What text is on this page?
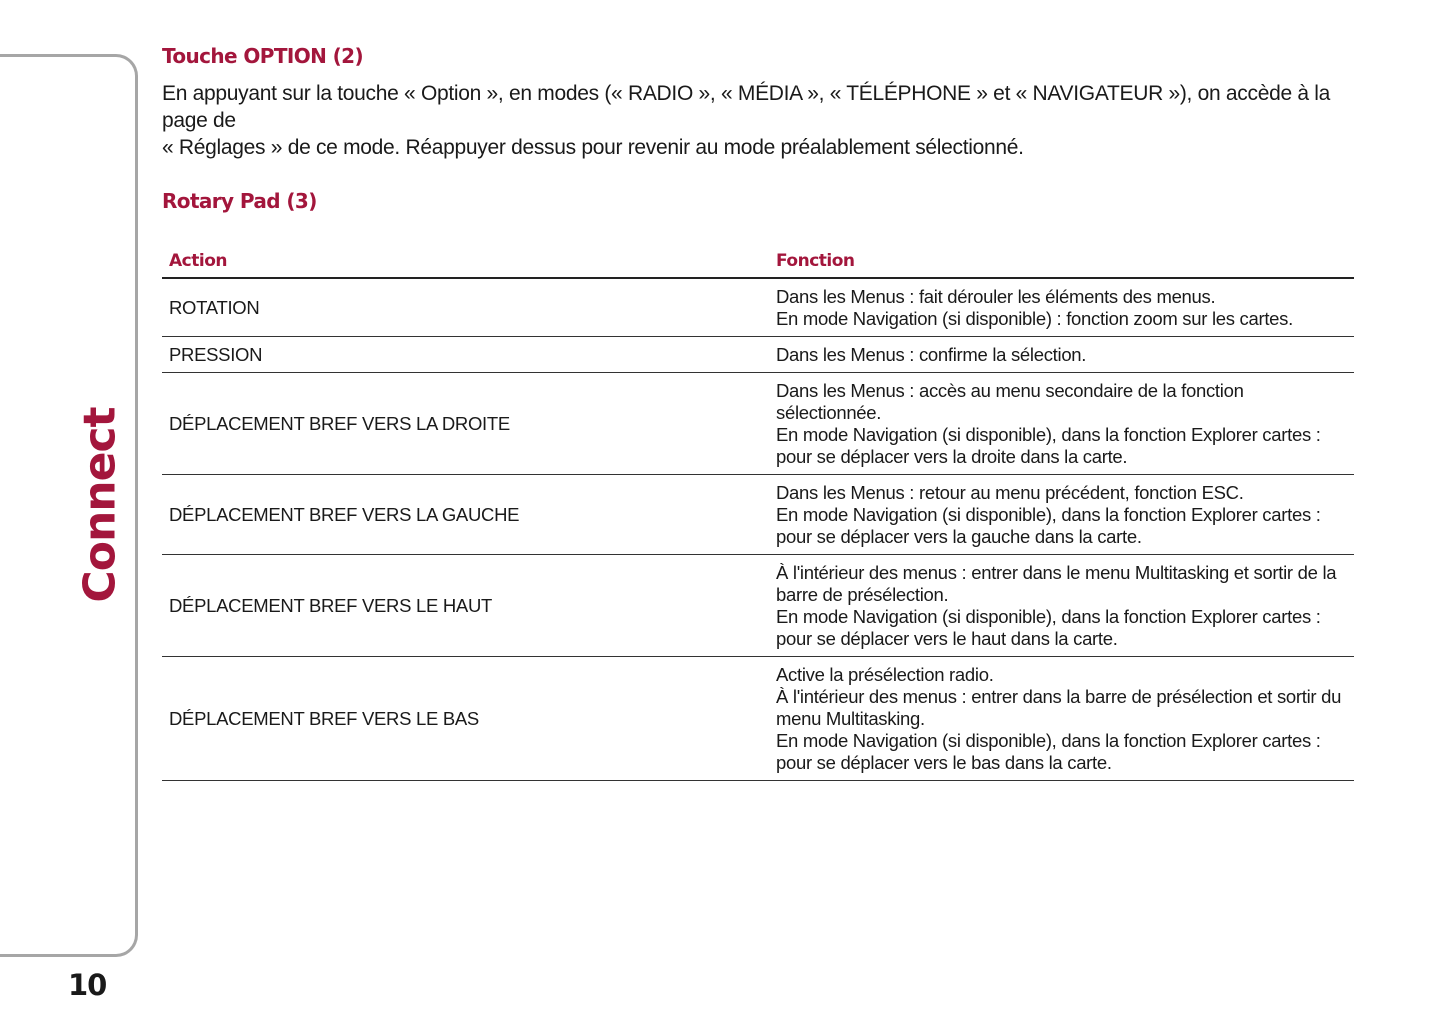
Connect
10
Touche OPTION (2)

En appuyant sur la touche « Option », en modes (« RADIO », « MÉDIA », « TÉLÉPHONE » et « NAVIGATEUR »), on accède à la page de
« Réglages » de ce mode. Réappuyer dessus pour revenir au mode préalablement sélectionné.

Rotary Pad (3)
Action	Fonction
ROTATION	Dans les Menus : fait dérouler les éléments des menus.
En mode Navigation (si disponible) : fonction zoom sur les cartes.

PRESSION	Dans les Menus : confirme la sélection.

DÉPLACEMENT BREF VERS LA DROITE	Dans les Menus : accès au menu secondaire de la fonction sélectionnée.
En mode Navigation (si disponible), dans la fonction Explorer cartes :
pour se déplacer vers la droite dans la carte.

DÉPLACEMENT BREF VERS LA GAUCHE	Dans les Menus : retour au menu précédent, fonction ESC.
En mode Navigation (si disponible), dans la fonction Explorer cartes :
pour se déplacer vers la gauche dans la carte.

DÉPLACEMENT BREF VERS LE HAUT	À l'intérieur des menus : entrer dans le menu Multitasking et sortir de la
barre de présélection.
En mode Navigation (si disponible), dans la fonction Explorer cartes :
pour se déplacer vers le haut dans la carte.

DÉPLACEMENT BREF VERS LE BAS	Active la présélection radio.
À l'intérieur des menus : entrer dans la barre de présélection et sortir du
menu Multitasking.
En mode Navigation (si disponible), dans la fonction Explorer cartes :
pour se déplacer vers le bas dans la carte.
